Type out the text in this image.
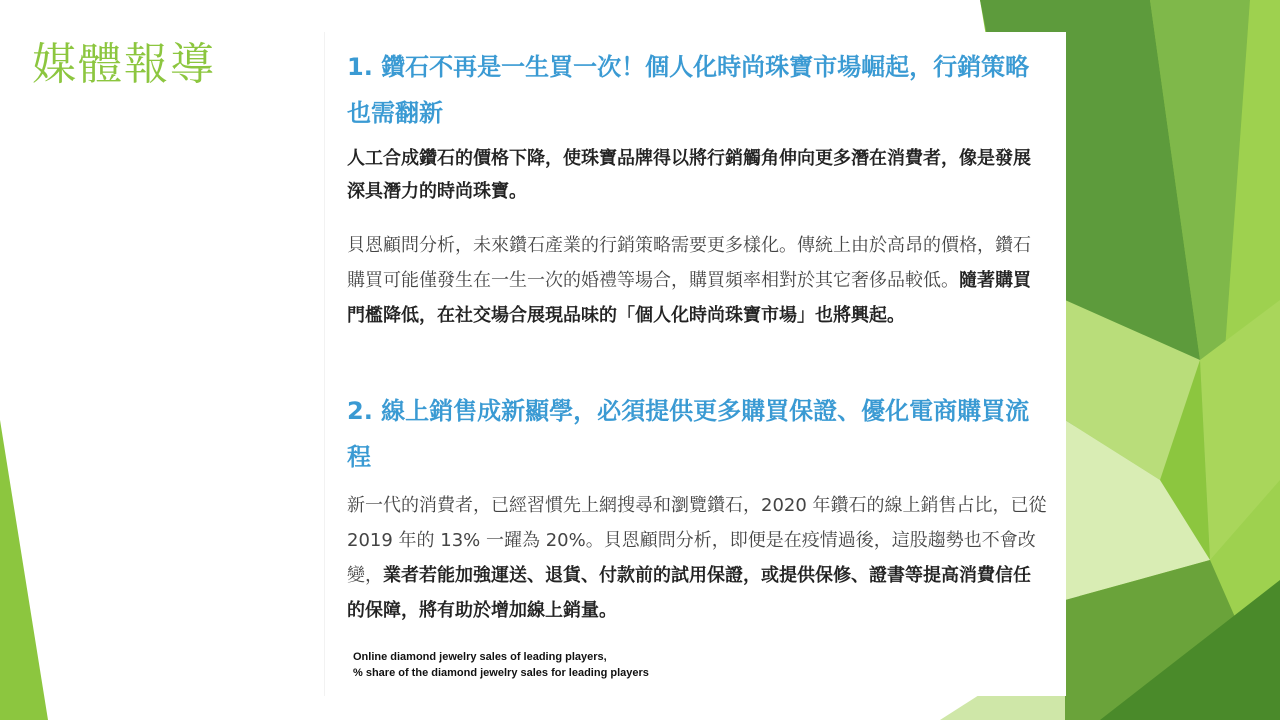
媒體報導	1. 鑽石不再是一生買一次！個人化時尚珠寶市場崛起，行銷策略也需翻新
人工合成鑽石的價格下降，使珠寶品牌得以將行銷觸角伸向更多潛在消費者，像是發展深具潛力的時尚珠寶。
貝恩顧問分析，未來鑽石產業的行銷策略需要更多樣化。傳統上由於高昂的價格，鑽石購買可能僅發生在一生一次的婚禮等場合，購買頻率相對於其它奢侈品較低。隨著購買門檻降低，在社交場合展現品味的「個人化時尚珠寶市場」也將興起。
2. 線上銷售成新顯學，必須提供更多購買保證、優化電商購買流程
新一代的消費者，已經習慣先上網搜尋和瀏覽鑽石，2020 年鑽石的線上銷售占比，已從 2019 年的 13% 一躍為 20%。貝恩顧問分析，即便是在疫情過後，這股趨勢也不會改變，業者若能加強運送、退貨、付款前的試用保證，或提供保修、證書等提高消費信任的保障，將有助於增加線上銷量。
Online diamond jewelry sales of leading players,
% share of the diamond jewelry sales for leading players
